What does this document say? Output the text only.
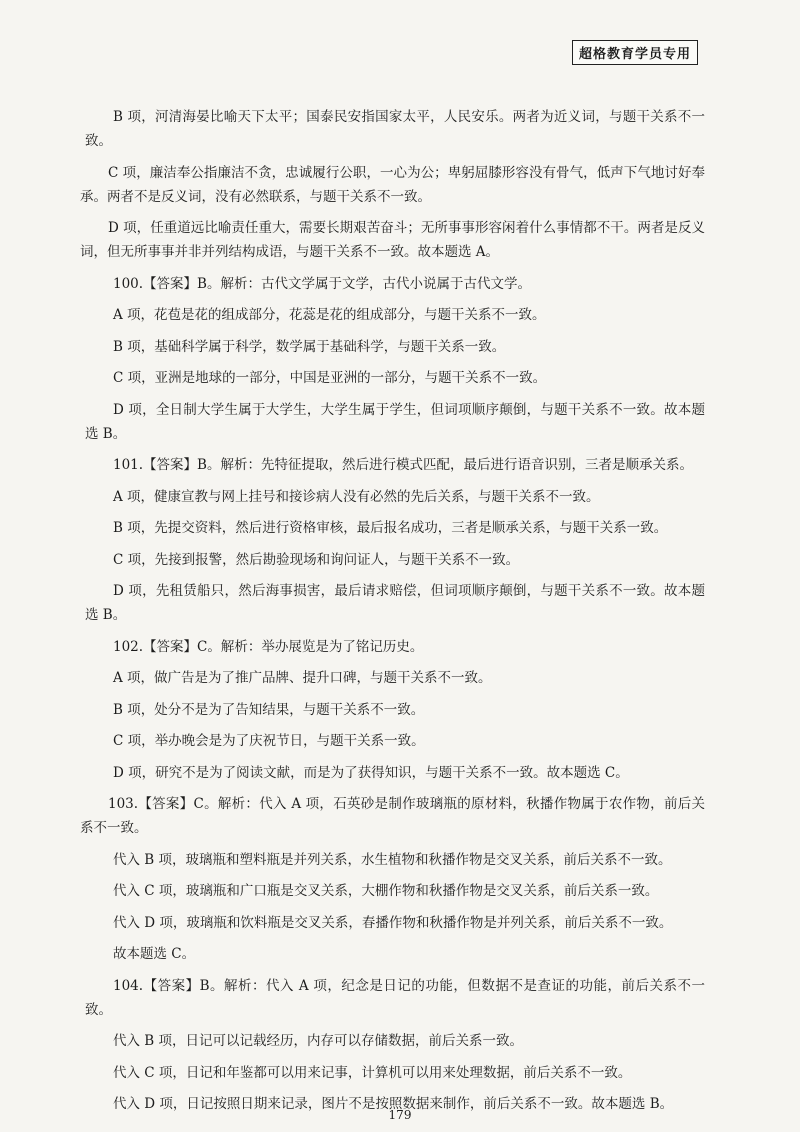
超格教育学员专用

B 项，河清海晏比喻天下太平；国泰民安指国家太平，人民安乐。两者为近义词，与题干关系不一致。

C 项，廉洁奉公指廉洁不贪，忠诚履行公职，一心为公；卑躬屈膝形容没有骨气，低声下气地讨好奉承。两者不是反义词，没有必然联系，与题干关系不一致。

D 项，任重道远比喻责任重大，需要长期艰苦奋斗；无所事事形容闲着什么事情都不干。两者是反义词，但无所事事并非并列结构成语，与题干关系不一致。故本题选 A。

100.【答案】B。解析：古代文学属于文学，古代小说属于古代文学。

A 项，花苞是花的组成部分，花蕊是花的组成部分，与题干关系不一致。

B 项，基础科学属于科学，数学属于基础科学，与题干关系一致。

C 项，亚洲是地球的一部分，中国是亚洲的一部分，与题干关系不一致。

D 项，全日制大学生属于大学生，大学生属于学生，但词项顺序颠倒，与题干关系不一致。故本题选 B。

101.【答案】B。解析：先特征提取，然后进行模式匹配，最后进行语音识别，三者是顺承关系。

A 项，健康宣教与网上挂号和接诊病人没有必然的先后关系，与题干关系不一致。

B 项，先提交资料，然后进行资格审核，最后报名成功，三者是顺承关系，与题干关系一致。

C 项，先接到报警，然后勘验现场和询问证人，与题干关系不一致。

D 项，先租赁船只，然后海事损害，最后请求赔偿，但词项顺序颠倒，与题干关系不一致。故本题选 B。

102.【答案】C。解析：举办展览是为了铭记历史。

A 项，做广告是为了推广品牌、提升口碑，与题干关系不一致。

B 项，处分不是为了告知结果，与题干关系不一致。

C 项，举办晚会是为了庆祝节日，与题干关系一致。

D 项，研究不是为了阅读文献，而是为了获得知识，与题干关系不一致。故本题选 C。

103.【答案】C。解析：代入 A 项，石英砂是制作玻璃瓶的原材料，秋播作物属于农作物，前后关系不一致。

代入 B 项，玻璃瓶和塑料瓶是并列关系，水生植物和秋播作物是交叉关系，前后关系不一致。

代入 C 项，玻璃瓶和广口瓶是交叉关系，大棚作物和秋播作物是交叉关系，前后关系一致。

代入 D 项，玻璃瓶和饮料瓶是交叉关系，春播作物和秋播作物是并列关系，前后关系不一致。

故本题选 C。

104.【答案】B。解析：代入 A 项，纪念是日记的功能，但数据不是查证的功能，前后关系不一致。

代入 B 项，日记可以记载经历，内存可以存储数据，前后关系一致。

代入 C 项，日记和年鉴都可以用来记事，计算机可以用来处理数据，前后关系不一致。

代入 D 项，日记按照日期来记录，图片不是按照数据来制作，前后关系不一致。故本题选 B。

179
